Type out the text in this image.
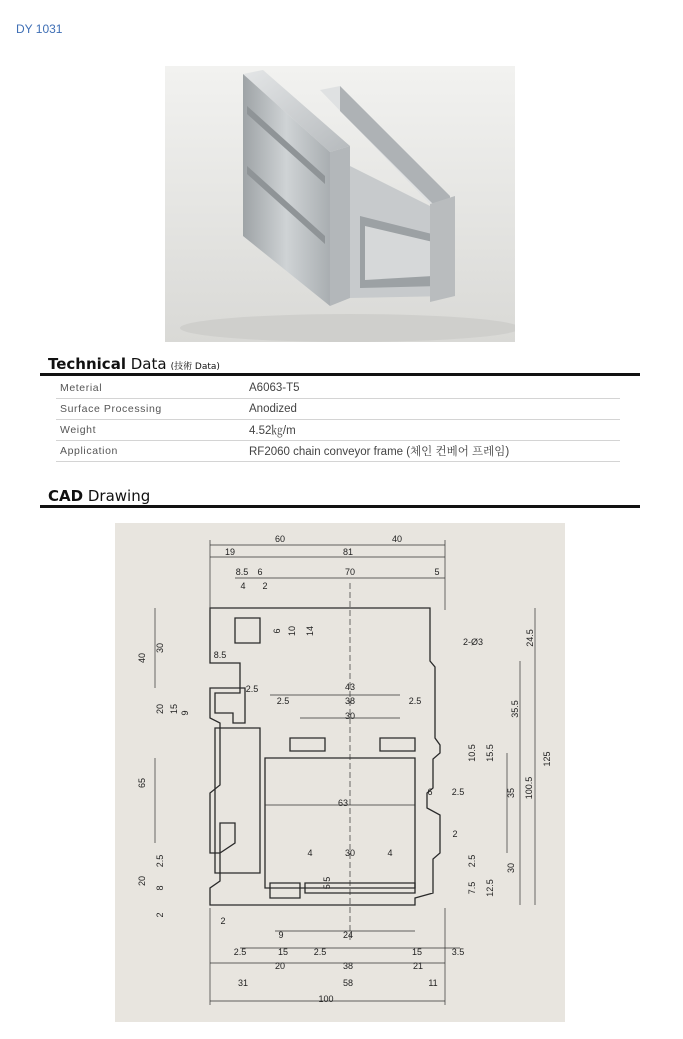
DY 1031
Technical Data (技術 Data)
Meterial	A6063-T5
Surface Processing	Anodized
Weight	4.52㎏/m
Application	RF2060 chain conveyor frame (체인 컨베어 프레임)
CAD Drawing
60	40
81
19
8.5 6	70	5
4 2
43
38
30
2.5	2.5
63
30
4	4
24
9
2.5	15	2.5	15	3.5
20	38	21
31	58	11
100
8.5
2.5
6 2.5
2
2
2-Ø3
40
30
65
20
24.5
125
35.5
100.5
35
30
15.5
10.5
12.5
7.5
2.5
20 15 9
6 10 14
5.5
2.5
8
2
